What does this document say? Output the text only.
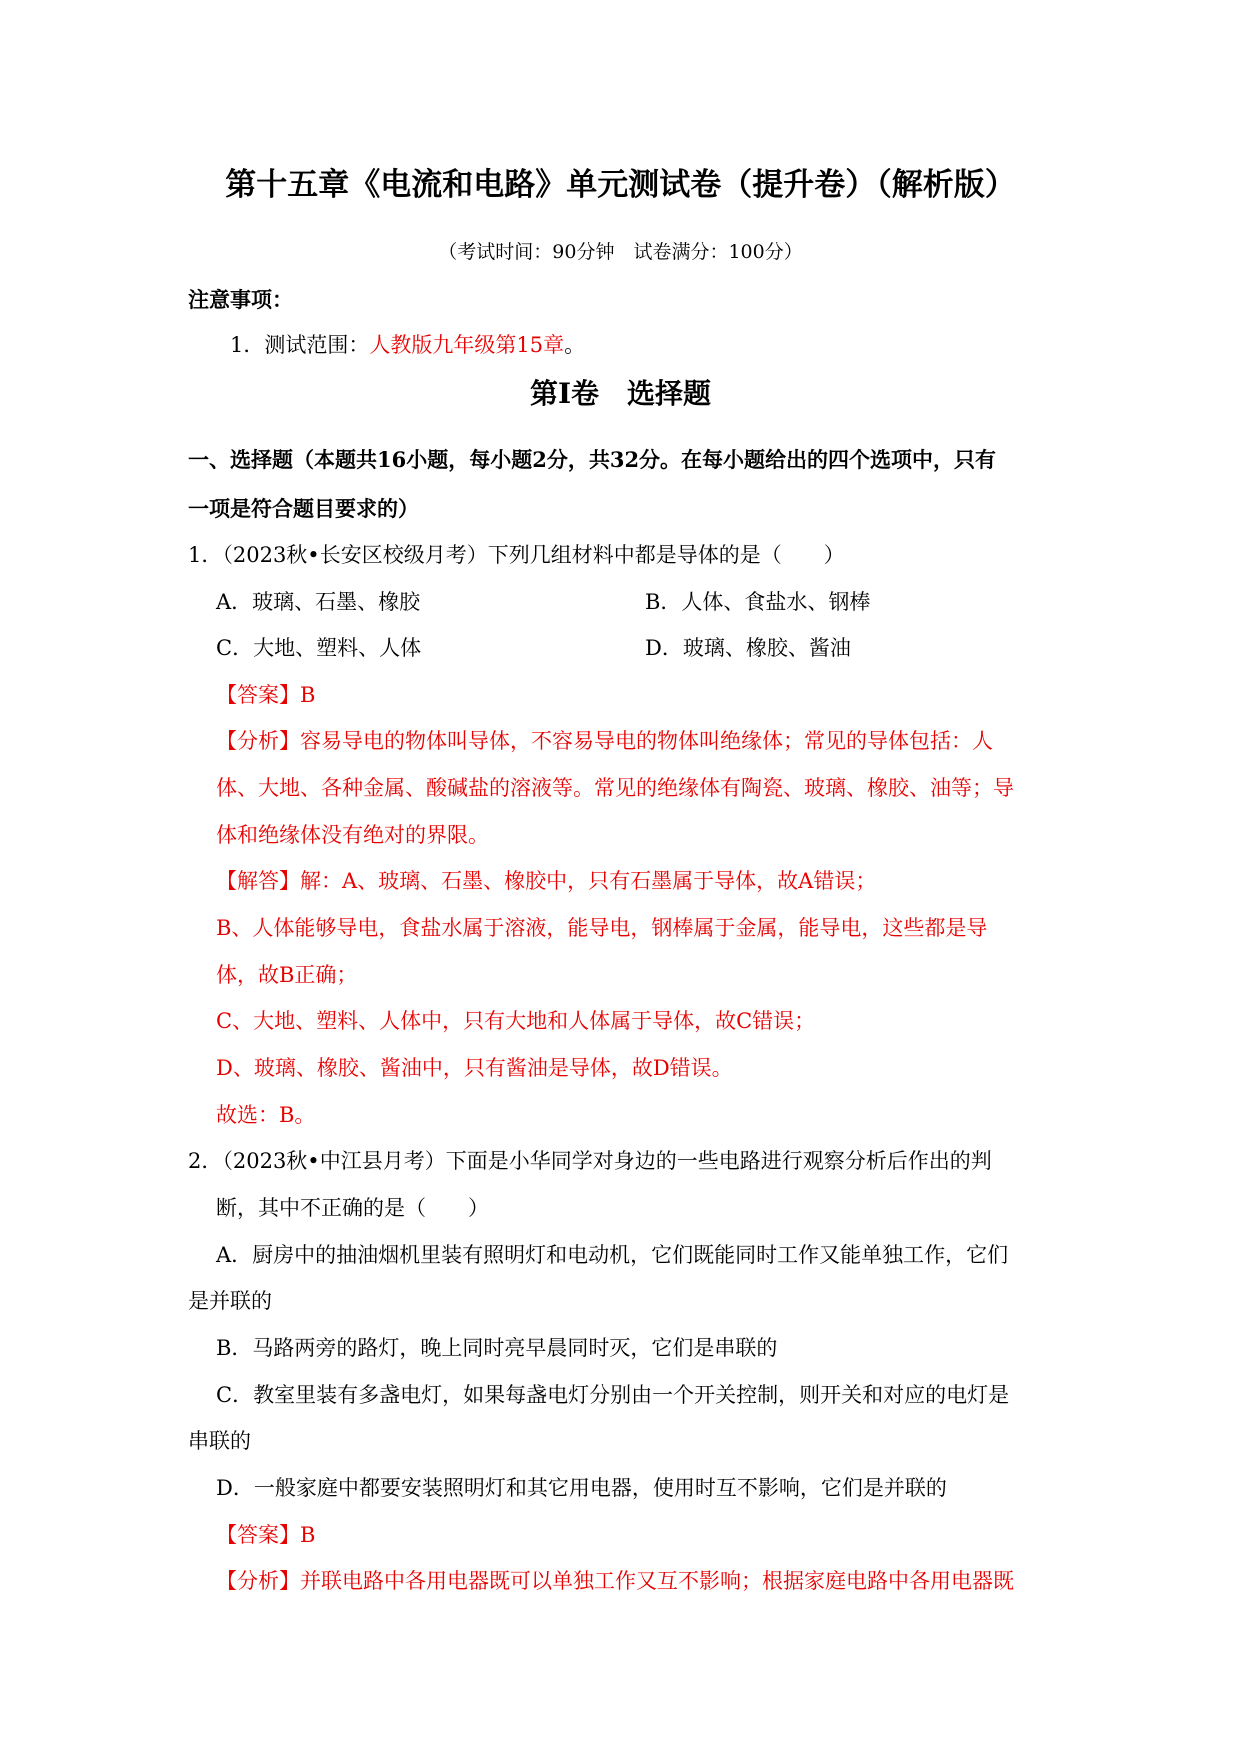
第十五章《电流和电路》单元测试卷（提升卷）（解析版）
（考试时间：90分钟　试卷满分：100分）
注意事项：
1．测试范围：人教版九年级第15章。
第Ⅰ卷　选择题
一、选择题（本题共16小题，每小题2分，共32分。在每小题给出的四个选项中，只有
一项是符合题目要求的）
1．（2023秋•长安区校级月考）下列几组材料中都是导体的是（　　）
A．玻璃、石墨、橡胶	B．人体、食盐水、钢棒
C．大地、塑料、人体	D．玻璃、橡胶、酱油
【答案】B
【分析】容易导电的物体叫导体，不容易导电的物体叫绝缘体；常见的导体包括：人
体、大地、各种金属、酸碱盐的溶液等。常见的绝缘体有陶瓷、玻璃、橡胶、油等；导
体和绝缘体没有绝对的界限。
【解答】解：A、玻璃、石墨、橡胶中，只有石墨属于导体，故A错误；
B、人体能够导电，食盐水属于溶液，能导电，钢棒属于金属，能导电，这些都是导
体，故B正确；
C、大地、塑料、人体中，只有大地和人体属于导体，故C错误；
D、玻璃、橡胶、酱油中，只有酱油是导体，故D错误。
故选：B。
2．（2023秋•中江县月考）下面是小华同学对身边的一些电路进行观察分析后作出的判
断，其中不正确的是（　　）
A．厨房中的抽油烟机里装有照明灯和电动机，它们既能同时工作又能单独工作，它们
是并联的
B．马路两旁的路灯，晚上同时亮早晨同时灭，它们是串联的
C．教室里装有多盏电灯，如果每盏电灯分别由一个开关控制，则开关和对应的电灯是
串联的
D．一般家庭中都要安装照明灯和其它用电器，使用时互不影响，它们是并联的
【答案】B
【分析】并联电路中各用电器既可以单独工作又互不影响；根据家庭电路中各用电器既
